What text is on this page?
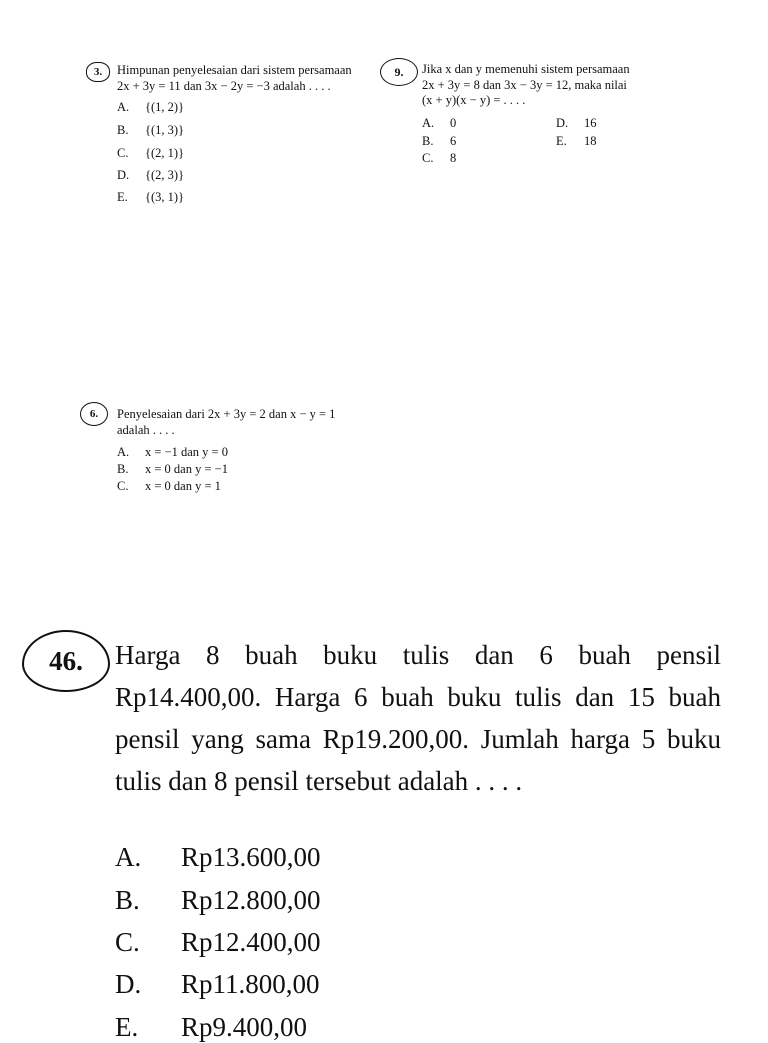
3.	Himpunan penyelesaian dari sistem persamaan
2x + 3y = 11 dan 3x − 2y = −3 adalah . . . .
A. {(1, 2)}
B. {(1, 3)}
C. {(2, 1)}
D. {(2, 3)}
E. {(3, 1)}
9.	Jika x dan y memenuhi sistem persamaan
2x + 3y = 8 dan 3x − 3y = 12, maka nilai
(x + y)(x − y) = . . . .
A. 0
B. 6
C. 8
D. 16
E. 18
6.	Penyelesaian dari 2x + 3y = 2 dan x − y = 1
adalah . . . .
A. x = −1 dan y = 0
B. x = 0 dan y = −1
C. x = 0 dan y = 1
46.	Harga 8 buah buku tulis dan 6 buah pensil Rp14.400,00. Harga 6 buah buku tulis dan 15 buah pensil yang sama Rp19.200,00. Jumlah harga 5 buku tulis dan 8 pensil tersebut adalah . . . .
A. Rp13.600,00
B. Rp12.800,00
C. Rp12.400,00
D. Rp11.800,00
E. Rp9.400,00
